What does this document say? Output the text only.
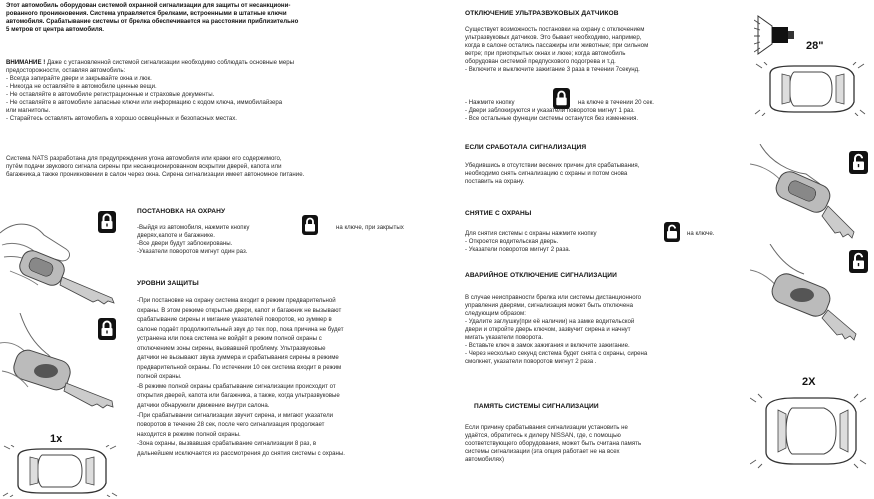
Этот автомобиль оборудован системой охранной сигнализации для защиты от несанкциони-
рованного проникновения. Система управляется брелками, встроенными в штатные ключи
автомобиля. Срабатывание системы от брелка обеспечивается на расстоянии приблизительно
5 метров от центра автомобиля.
ВНИМАНИЕ ! Даже с установленной системой сигнализации необходимо соблюдать основные меры
предосторожности, оставляя автомобиль:
- Всегда запирайте двери и закрывайте окна и люк.
- Никогда не оставляйте в автомобиле ценные вещи.
- Не оставляйте в автомобиле регистрационные и страховые документы.
- Не оставляйте в автомобиле запасные ключи или информацию с кодом ключа, иммобилайзера
или магнитолы.
- Старайтесь оставлять автомобиль в хорошо освещённых и безопасных местах.
Система NATS разработана для предупреждения угона автомобиля или кражи его содержимого,
путём подачи звукового сигнала сирены при несанкционированном вскрытии дверей, капота или
багажника,а также проникновении в салон через окна. Сирена сигнализации имеет автономное питание.
1x
ПОСТАНОВКА НА ОХРАНУ
-Выйдя из автомобиля, нажмите кнопку	на ключе, при закрытых
дверях,капоте и багажнике.
-Все двери будут заблокированы.
-Указатели поворотов мигнут один раз.
УРОВНИ ЗАЩИТЫ
-При постановке на охрану система входит в режим предварительной
охраны. В этом режиме открытые двери, капот и багажник не вызывают
срабатывание сирены и мигание указателей поворотов, но зуммер в
салоне подаёт продолжительный звук до тех пор, пока причина не будет
устранена или пока система не войдёт в режим полной охраны с
отключением зоны сирены, вызвавшей проблему. Ультразвуковые
датчики не вызывают звука зуммера и срабатывания сирены в режиме
предварительной охраны. По истечении 10 сек система входит в режим
полной охраны.
-В режиме полной охраны срабатывание сигнализации происходит от
открытия дверей, капота или багажника, а также, когда ультразвуковые
датчики обнаружили движение внутри салона.
-При срабатывании сигнализации звучит сирена, и мигают указатели
поворотов в течение 28 сек, после чего сигнализация продолжает
находится в режиме полной охраны.
-Зона охраны, вызвавшая срабатывание сигнализации 8 раз, в
дальнейшем исключается из рассмотрения до снятия системы с охраны.
ОТКЛЮЧЕНИЕ УЛЬТРАЗВУКОВЫХ ДАТЧИКОВ
Существует возможность постановки на охрану с отключением
ультразвуковых датчиков. Это бывает необходимо, например,
когда в салоне остались пассажиры или животные; при сильном
ветре; при приоткрытых окнах и люке; когда автомобиль
оборудован системой предпускового подогрева и т.д.
- Включите и выключите зажигание 3 раза в течении 7секунд.
- Нажмите кнопку	на ключе в течении 20 сек.
- Двери заблокируются и указатели поворотов мигнут 1 раз.
- Все остальные функции системы останутся без изменения.
ЕСЛИ СРАБОТАЛА СИГНАЛИЗАЦИЯ
Убедившись в отсутствии весених причин для срабатывания,
необходимо снять сигнализацию с охраны и потом снова
поставить на охрану.
СНЯТИЕ С ОХРАНЫ
Для снятия системы с охраны нажмите кнопку	на ключе.
- Откроется водительская дверь.
- Указатели поворотов мигнут 2 раза.
АВАРИЙНОЕ ОТКЛЮЧЕНИЕ СИГНАЛИЗАЦИИ
В случае неисправности брелка или системы дистанционного
управления дверями, сигнализация может быть отключена
следующим образом:
- Удалите заглушку(при её наличии) на замке водительской
двери и откройте дверь ключом, зазвучит сирена и начнут
мигать указатели поворота.
- Вставьте ключ в замок зажигания и включите зажигание.
- Через несколько секунд система будет снята с охраны, сирена
смолкнет, указатели поворотов мигнут 2 раза .
ПАМЯТЬ СИСТЕМЫ СИГНАЛИЗАЦИИ
Если причину срабатывания сигнализации установить не
удаётся, обратитесь к дилеру NISSAN, где, с помощью
соответствующего оборудования, может быть считана память
системы сигнализации (эта опция работает не на всех
автомобилях)
28"
2X
